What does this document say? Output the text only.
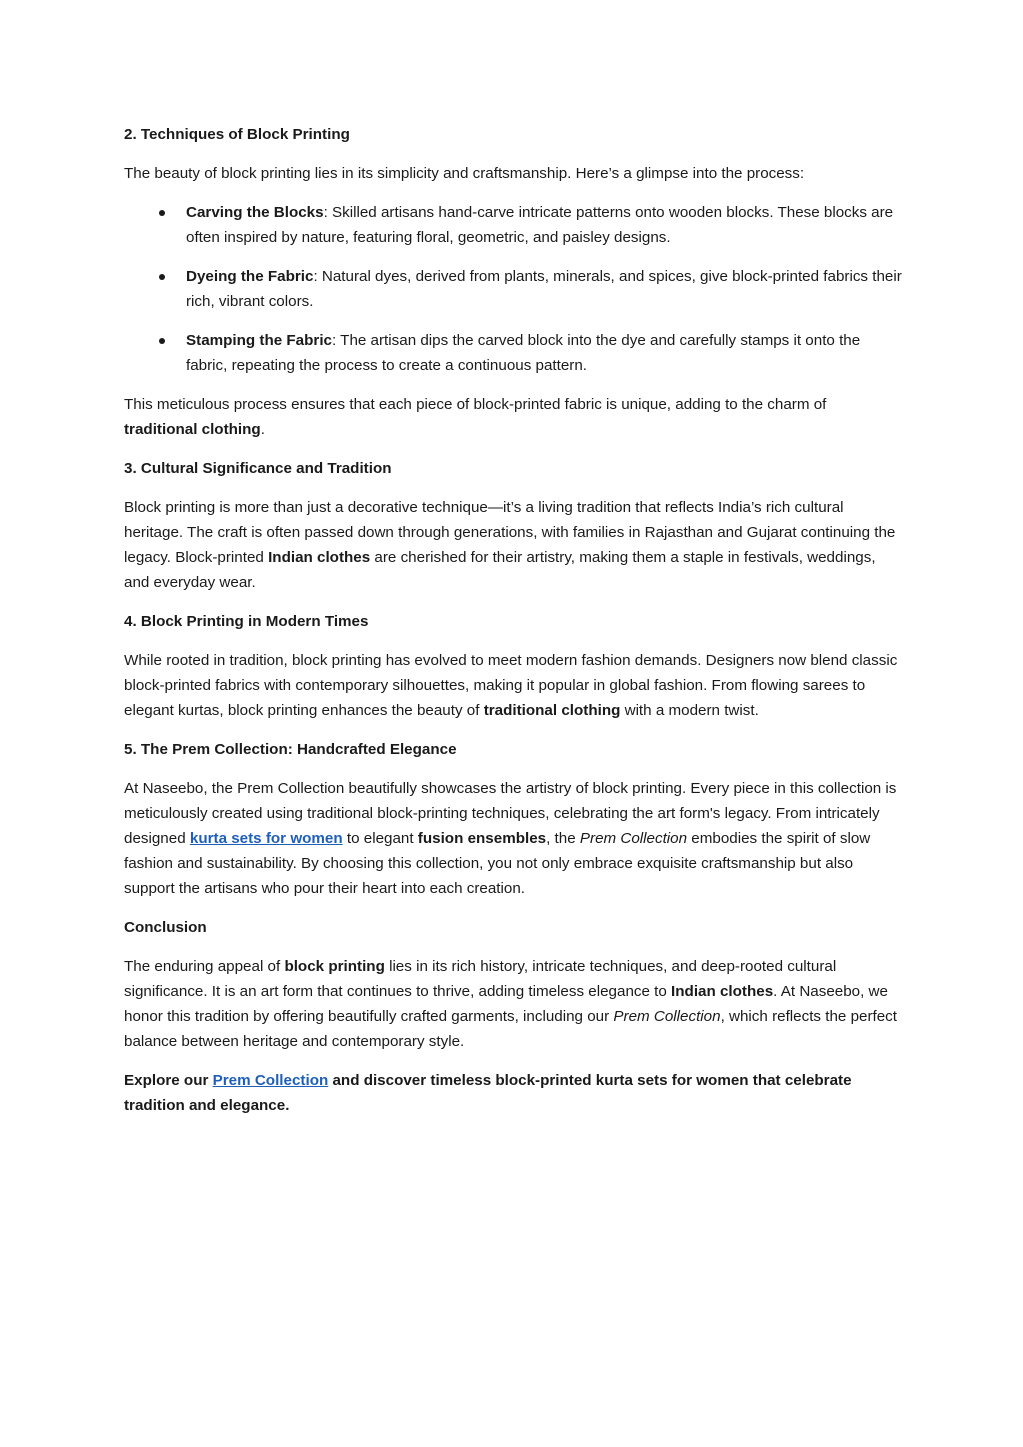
2. Techniques of Block Printing

The beauty of block printing lies in its simplicity and craftsmanship. Here’s a glimpse into the process:

Carving the Blocks: Skilled artisans hand-carve intricate patterns onto wooden blocks. These blocks are often inspired by nature, featuring floral, geometric, and paisley designs.
Dyeing the Fabric: Natural dyes, derived from plants, minerals, and spices, give block-printed fabrics their rich, vibrant colors.
Stamping the Fabric: The artisan dips the carved block into the dye and carefully stamps it onto the fabric, repeating the process to create a continuous pattern.

This meticulous process ensures that each piece of block-printed fabric is unique, adding to the charm of traditional clothing.

3. Cultural Significance and Tradition

Block printing is more than just a decorative technique—it’s a living tradition that reflects India’s rich cultural heritage. The craft is often passed down through generations, with families in Rajasthan and Gujarat continuing the legacy. Block-printed Indian clothes are cherished for their artistry, making them a staple in festivals, weddings, and everyday wear.

4. Block Printing in Modern Times

While rooted in tradition, block printing has evolved to meet modern fashion demands. Designers now blend classic block-printed fabrics with contemporary silhouettes, making it popular in global fashion. From flowing sarees to elegant kurtas, block printing enhances the beauty of traditional clothing with a modern twist.

5. The Prem Collection: Handcrafted Elegance

At Naseebo, the Prem Collection beautifully showcases the artistry of block printing. Every piece in this collection is meticulously created using traditional block-printing techniques, celebrating the art form's legacy. From intricately designed kurta sets for women to elegant fusion ensembles, the Prem Collection embodies the spirit of slow fashion and sustainability. By choosing this collection, you not only embrace exquisite craftsmanship but also support the artisans who pour their heart into each creation.

Conclusion

The enduring appeal of block printing lies in its rich history, intricate techniques, and deep-rooted cultural significance. It is an art form that continues to thrive, adding timeless elegance to Indian clothes. At Naseebo, we honor this tradition by offering beautifully crafted garments, including our Prem Collection, which reflects the perfect balance between heritage and contemporary style.

Explore our Prem Collection and discover timeless block-printed kurta sets for women that celebrate tradition and elegance.
